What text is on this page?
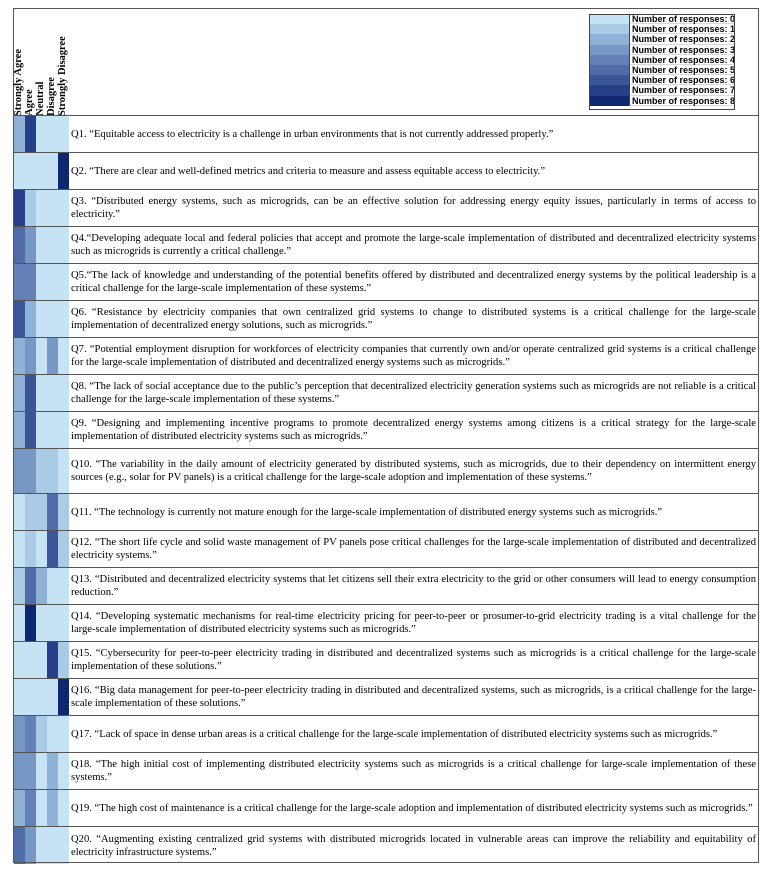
Number of responses: 0
Number of responses: 1
Number of responses: 2
Number of responses: 3
Number of responses: 4
Number of responses: 5
Number of responses: 6
Number of responses: 7
Number of responses: 8
Strongly Agree Agree Neutral Disagree Strongly Disagree
Q1. “Equitable access to electricity is a challenge in urban environments that is not currently addressed properly.”
Q2. “There are clear and well-defined metrics and criteria to measure and assess equitable access to electricity.”
Q3. “Distributed energy systems, such as microgrids, can be an effective solution for addressing energy equity issues, particularly in terms of access to electricity.”
Q4.“Developing adequate local and federal policies that accept and promote the large-scale implementation of distributed and decentralized electricity systems such as microgrids is currently a critical challenge.”
Q5.“The lack of knowledge and understanding of the potential benefits offered by distributed and decentralized energy systems by the political leadership is a critical challenge for the large-scale implementation of these systems.”
Q6. “Resistance by electricity companies that own centralized grid systems to change to distributed systems is a critical challenge for the large-scale implementation of decentralized energy solutions, such as microgrids.”
Q7. “Potential employment disruption for workforces of electricity companies that currently own and/or operate centralized grid systems is a critical challenge for the large-scale implementation of distributed and decentralized energy systems such as microgrids.”
Q8. “The lack of social acceptance due to the public’s perception that decentralized electricity generation systems such as microgrids are not reliable is a critical challenge for the large-scale implementation of these systems.”
Q9. “Designing and implementing incentive programs to promote decentralized energy systems among citizens is a critical strategy for the large-scale implementation of distributed electricity systems such as microgrids.”
Q10. “The variability in the daily amount of electricity generated by distributed systems, such as microgrids, due to their dependency on intermittent energy sources (e.g., solar for PV panels) is a critical challenge for the large-scale adoption and implementation of these systems.”
Q11. “The technology is currently not mature enough for the large-scale implementation of distributed energy systems such as microgrids.”
Q12. “The short life cycle and solid waste management of PV panels pose critical challenges for the large-scale implementation of distributed and decentralized electricity systems.”
Q13. “Distributed and decentralized electricity systems that let citizens sell their extra electricity to the grid or other consumers will lead to energy consumption reduction.”
Q14. “Developing systematic mechanisms for real-time electricity pricing for peer-to-peer or prosumer-to-grid electricity trading is a vital challenge for the large-scale implementation of distributed electricity systems such as microgrids.”
Q15. “Cybersecurity for peer-to-peer electricity trading in distributed and decentralized systems such as microgrids is a critical challenge for the large-scale implementation of these solutions.”
Q16. “Big data management for peer-to-peer electricity trading in distributed and decentralized systems, such as microgrids, is a critical challenge for the large-scale implementation of these solutions.”
Q17. “Lack of space in dense urban areas is a critical challenge for the large-scale implementation of distributed electricity systems such as microgrids.”
Q18. “The high initial cost of implementing distributed electricity systems such as microgrids is a critical challenge for large-scale implementation of these systems.”
Q19. “The high cost of maintenance is a critical challenge for the large-scale adoption and implementation of distributed electricity systems such as microgrids.”
Q20. “Augmenting existing centralized grid systems with distributed microgrids located in vulnerable areas can improve the reliability and equitability of electricity infrastructure systems.”
